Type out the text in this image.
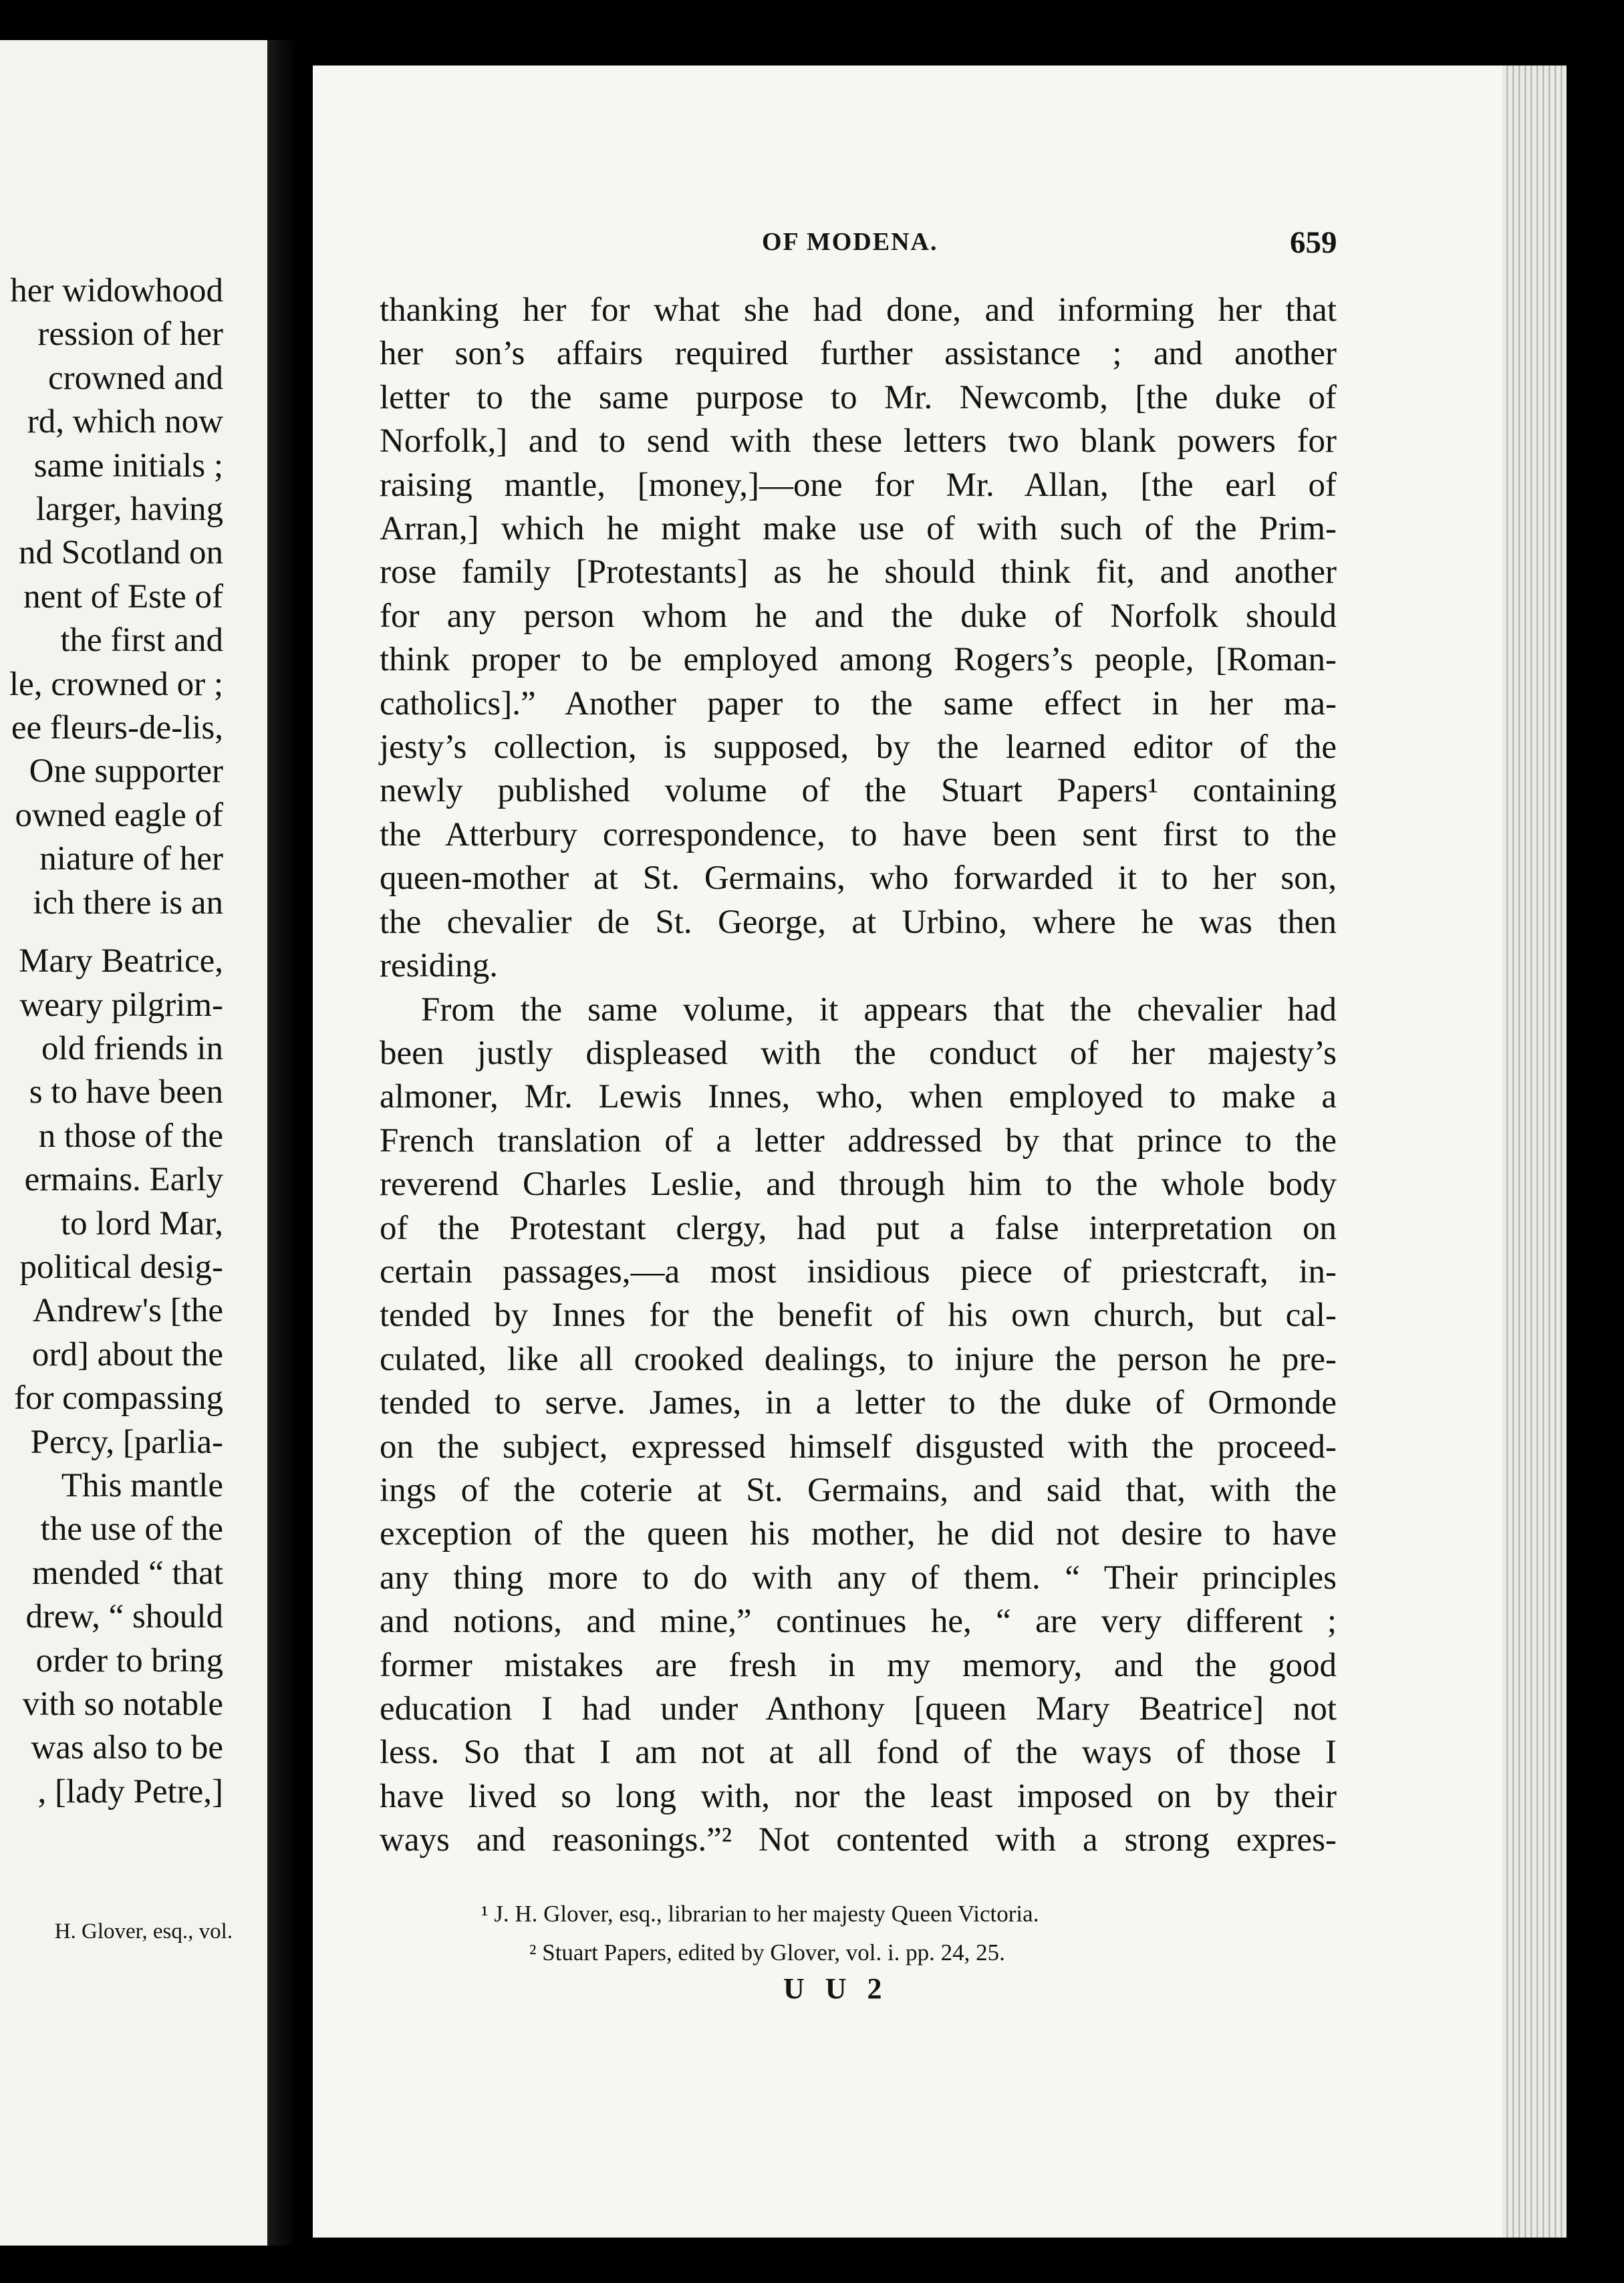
her widowhood
ression of her
crowned and
rd, which now
same initials ;
larger, having
nd Scotland on
nent of Este of
the first and
le, crowned or ;
ee fleurs-de-lis,
One supporter
owned eagle of
niature of her
ich there is an
Mary Beatrice,
weary pilgrim-
old friends in
s to have been
n those of the
ermains. Early
to lord Mar,
political desig-
Andrew's [the
ord] about the
for compassing
Percy, [parlia-
This mantle
the use of the
mended “ that
drew, “ should
order to bring
vith so notable
was also to be
, [lady Petre,]
H. Glover, esq., vol.
OF MODENA.	659
thanking her for what she had done, and informing her that
her son’s affairs required further assistance ; and another
letter to the same purpose to Mr. Newcomb, [the duke of
Norfolk,] and to send with these letters two blank powers for
raising mantle, [money,]—one for Mr. Allan, [the earl of
Arran,] which he might make use of with such of the Prim-
rose family [Protestants] as he should think fit, and another
for any person whom he and the duke of Norfolk should
think proper to be employed among Rogers’s people, [Roman-
catholics].” Another paper to the same effect in her ma-
jesty’s collection, is supposed, by the learned editor of the
newly published volume of the Stuart Papers¹ containing
the Atterbury correspondence, to have been sent first to the
queen-mother at St. Germains, who forwarded it to her son,
the chevalier de St. George, at Urbino, where he was then
residing.
From the same volume, it appears that the chevalier had
been justly displeased with the conduct of her majesty’s
almoner, Mr. Lewis Innes, who, when employed to make a
French translation of a letter addressed by that prince to the
reverend Charles Leslie, and through him to the whole body
of the Protestant clergy, had put a false interpretation on
certain passages,—a most insidious piece of priestcraft, in-
tended by Innes for the benefit of his own church, but cal-
culated, like all crooked dealings, to injure the person he pre-
tended to serve. James, in a letter to the duke of Ormonde
on the subject, expressed himself disgusted with the proceed-
ings of the coterie at St. Germains, and said that, with the
exception of the queen his mother, he did not desire to have
any thing more to do with any of them. “ Their principles
and notions, and mine,” continues he, “ are very different ;
former mistakes are fresh in my memory, and the good
education I had under Anthony [queen Mary Beatrice] not
less. So that I am not at all fond of the ways of those I
have lived so long with, nor the least imposed on by their
ways and reasonings.”² Not contented with a strong expres-
¹ J. H. Glover, esq., librarian to her majesty Queen Victoria.
² Stuart Papers, edited by Glover, vol. i. pp. 24, 25.
U U 2
